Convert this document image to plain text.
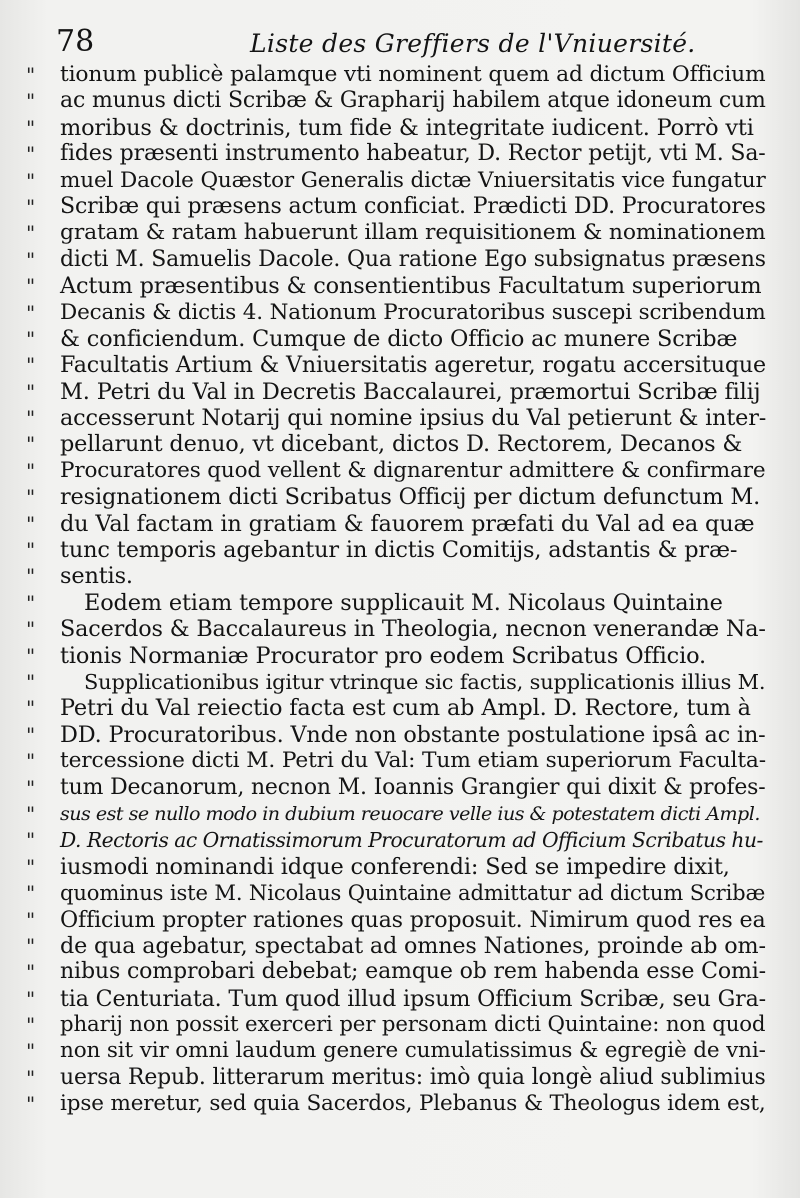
78	Liste des Greffiers de l'Vniuersité.
"	tionum publicè palamque vti nominent quem ad dictum Officium
"	ac munus dicti Scribæ & Grapharij habilem atque idoneum cum
"	moribus & doctrinis, tum fide & integritate iudicent. Porrò vti
"	fides præsenti instrumento habeatur, D. Rector petijt, vti M. Sa-
"	muel Dacole Quæstor Generalis dictæ Vniuersitatis vice fungatur
"	Scribæ qui præsens actum conficiat. Prædicti DD. Procuratores
"	gratam & ratam habuerunt illam requisitionem & nominationem
"	dicti M. Samuelis Dacole. Qua ratione Ego subsignatus præsens
"	Actum præsentibus & consentientibus Facultatum superiorum
"	Decanis & dictis 4. Nationum Procuratoribus suscepi scribendum
"	& conficiendum. Cumque de dicto Officio ac munere Scribæ
"	Facultatis Artium & Vniuersitatis ageretur, rogatu accersituque
"	M. Petri du Val in Decretis Baccalaurei, præmortui Scribæ filij
"	accesserunt Notarij qui nomine ipsius du Val petierunt & inter-
"	pellarunt denuo, vt dicebant, dictos D. Rectorem, Decanos &
"	Procuratores quod vellent & dignarentur admittere & confirmare
"	resignationem dicti Scribatus Officij per dictum defunctum M.
"	du Val factam in gratiam & fauorem præfati du Val ad ea quæ
"	tunc temporis agebantur in dictis Comitijs, adstantis & præ-
"	sentis.
"	Eodem etiam tempore supplicauit M. Nicolaus Quintaine
"	Sacerdos & Baccalaureus in Theologia, necnon venerandæ Na-
"	tionis Normaniæ Procurator pro eodem Scribatus Officio.
"	Supplicationibus igitur vtrinque sic factis, supplicationis illius M.
"	Petri du Val reiectio facta est cum ab Ampl. D. Rectore, tum à
"	DD. Procuratoribus. Vnde non obstante postulatione ipsâ ac in-
"	tercessione dicti M. Petri du Val: Tum etiam superiorum Faculta-
"	tum Decanorum, necnon M. Ioannis Grangier qui dixit & profes-
"	sus est se nullo modo in dubium reuocare velle ius & potestatem dicti Ampl.
"	D. Rectoris ac Ornatissimorum Procuratorum ad Officium Scribatus hu-
"	iusmodi nominandi idque conferendi: Sed se impedire dixit,
"	quominus iste M. Nicolaus Quintaine admittatur ad dictum Scribæ
"	Officium propter rationes quas proposuit. Nimirum quod res ea
"	de qua agebatur, spectabat ad omnes Nationes, proinde ab om-
"	nibus comprobari debebat; eamque ob rem habenda esse Comi-
"	tia Centuriata. Tum quod illud ipsum Officium Scribæ, seu Gra-
"	pharij non possit exerceri per personam dicti Quintaine: non quod
"	non sit vir omni laudum genere cumulatissimus & egregiè de vni-
"	uersa Repub. litterarum meritus: imò quia longè aliud sublimius
"	ipse meretur, sed quia Sacerdos, Plebanus & Theologus idem est,
